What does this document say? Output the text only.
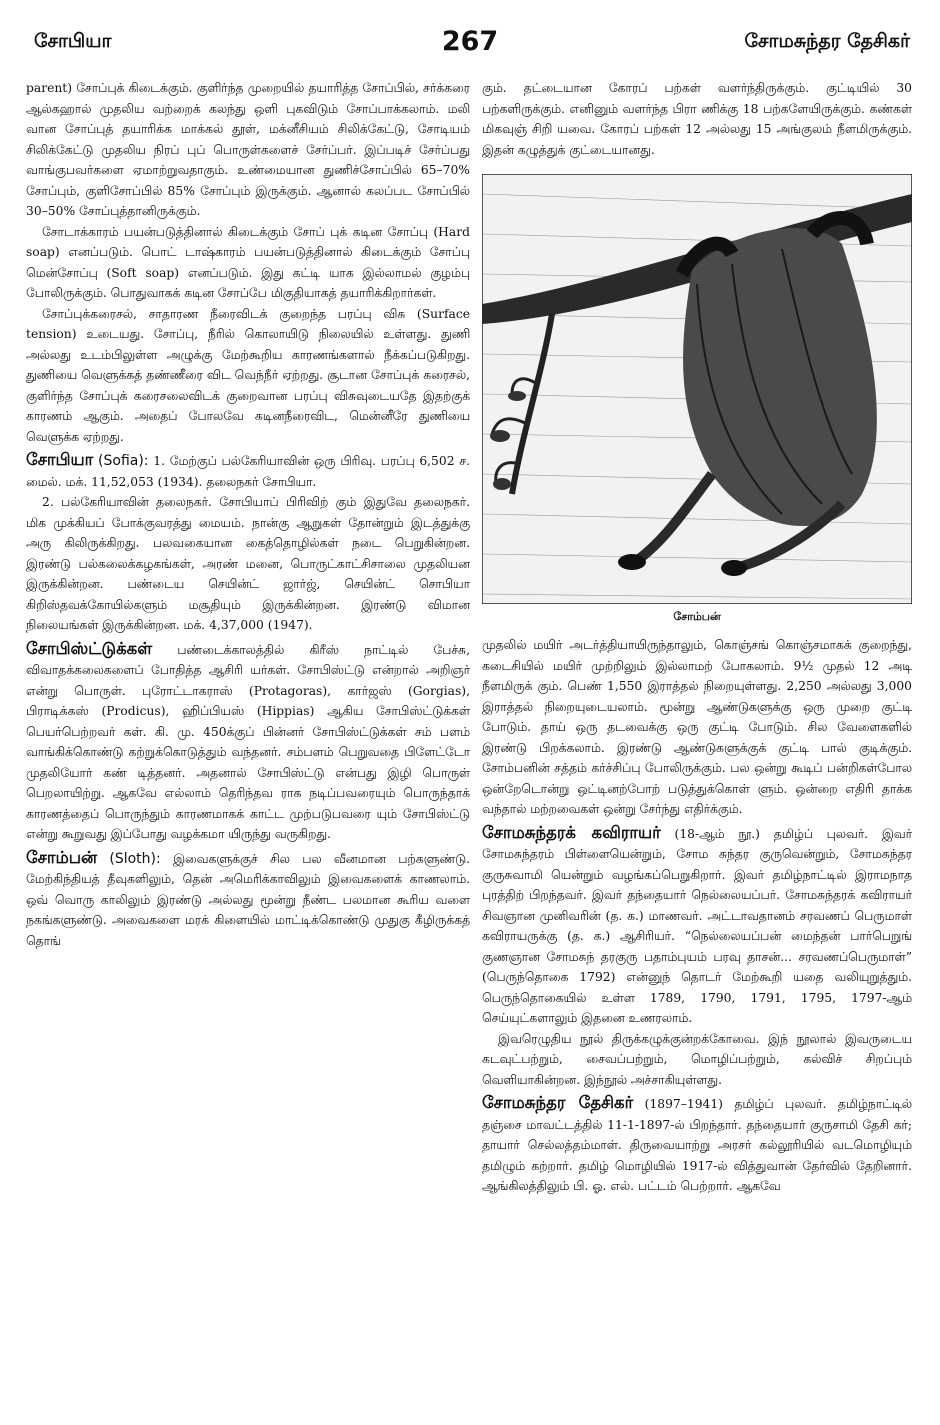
சோபியா	267	சோமசுந்தர தேசிகர்

parent) சோப்புக் கிடைக்கும். குளிர்ந்த முறையில் தயாரித்த சோப்பில், சர்க்கரை ஆல்கஹால் முதலிய வற்றைக் கலந்து ஒளி புகவிடும் சோப்பாக்கலாம். மலி வான சோப்புத் தயாரிக்க மாக்கல் தூள், மக்னீசியம் சிலிக்கேட்டு, சோடியம் சிலிக்கேட்டு முதலிய நிரப் புப் பொருள்களைச் சேர்ப்பர். இப்படிச் சேர்ப்பது வாங்குபவர்களை ஏமாற்றுவதாகும். உண்மையான துணிச்சோப்பில் 65–70% சோப்பும், குளிசோப்பில் 85% சோப்பும் இருக்கும். ஆனால் கலப்பட சோப்பில் 30–50% சோப்புத்தானிருக்கும்.

சோடாக்காரம் பயன்படுத்தினால் கிடைக்கும் சோப் புக் கடின சோப்பு (Hard soap) எனப்படும். பொட் டாஷ்காரம் பயன்படுத்தினால் கிடைக்கும் சோப்பு மென்சோப்பு (Soft soap) எனப்படும். இது கட்டி யாக இல்லாமல் குழம்பு போலிருக்கும். பொதுவாகக் கடின சோப்பே மிகுதியாகத் தயாரிக்கிறார்கள்.

சோப்புக்கரைசல், சாதாரண நீரைவிடக் குறைந்த பரப்பு விசு (Surface tension) உடையது. சோப்பு, நீரில் கொலாயிடு நிலையில் உள்ளது. துணி அல்லது உடம்பிலுள்ள அழுக்கு மேற்கூறிய காரணங்களால் நீக்கப்படுகிறது. துணியை வெளுக்கத் தண்ணீரை விட வெந்நீர் ஏற்றது. சூடான சோப்புக் கரைசல், குளிர்ந்த சோப்புக் கரைசலைவிடக் குறைவான பரப்பு விசுவுடையதே இதற்குக் காரணம் ஆகும். அதைப் போலவே கடினநீரைவிட, மென்னீரே துணியை வெளுக்க ஏற்றது.

சோபியா (Sofia): 1. மேற்குப் பல்கேரியாவின் ஒரு பிரிவு. பரப்பு 6,502 ச. மைல். மக். 11,52,053 (1934). தலைநகர் சோபியா.

2. பல்கேரியாவின் தலைநகர். சோபியாப் பிரிவிற் கும் இதுவே தலைநகர். மிக முக்கியப் போக்குவரத்து மையம். நான்கு ஆறுகள் தோன்றும் இடத்துக்கு அரு கிலிருக்கிறது. பலவகையான கைத்தொழில்கள் நடை பெறுகின்றன. இரண்டு பல்கலைக்கழகங்கள், அரண் மனை, பொருட்காட்சிசாலை முதலியன இருக்கின்றன. பண்டைய செயின்ட் ஜார்ஜ், செயின்ட் சொபியா கிறிஸ்தவக்கோயில்களும் மசூதியும் இருக்கின்றன. இரண்டு விமான நிலையங்கள் இருக்கின்றன. மக். 4,37,000 (1947).

சோபிஸ்ட்டுக்கள் பண்டைக்காலத்தில் கிரீஸ் நாட்டில் பேச்சு, விவாதக்கலைகளைப் போதித்த ஆசிரி யர்கள். சோபிஸ்ட்டு என்றால் அறிஞர் என்று பொருள். புரோட்டாகராஸ் (Protagoras), கார்ஜஸ் (Gorgias), பிராடிக்கஸ் (Prodicus), ஹிப்பியஸ் (Hippias) ஆகிய சோபிஸ்ட்டுக்கள் பெயர்பெற்றவர் கள். கி. மு. 450க்குப் பின்னர் சோபிஸ்ட்டுக்கள் சம் பளம் வாங்கிக்கொண்டு கற்றுக்கொடுத்தும் வந்தனர். சம்பளம் பெறுவதை பிளேட்டோ முதலியோர் கண் டித்தனர். அதனால் சோபிஸ்ட்டு என்பது இழி பொருள் பெறலாயிற்று. ஆகவே எல்லாம் தெரிந்தவ ராக நடிப்பவரையும் பொருந்தாக் காரணத்தைப் பொருந்தும் காரணமாகக் காட்ட முற்படுபவரை யும் சோபிஸ்ட்டு என்று கூறுவது இப்போது வழக்கமா யிருந்து வருகிறது.

சோம்பன் (Sloth): இவைகளுக்குச் சில பல வீனமான பற்களுண்டு. மேற்கிந்தியத் தீவுகளிலும், தென் அமெரிக்காவிலும் இவைகளைக் காணலாம். ஒவ் வொரு காலிலும் இரண்டு அல்லது மூன்று நீண்ட பலமான கூரிய வளை நகங்களுண்டு. அவைகளை மரக் கிளையில் மாட்டிக்கொண்டு முதுகு கீழிருக்கத் தொங்

கும். தட்டையான கோரப் பற்கள் வளர்ந்திருக்கும். குட்டியில் 30 பற்களிருக்கும். எனினும் வளர்ந்த பிரா ணிக்கு 18 பற்களேயிருக்கும். கண்கள் மிகவுஞ் சிறி யவை. கோரப் பற்கள் 12 அல்லது 15 அங்குலம் நீளமிருக்கும். இதன் கழுத்துக் குட்டையானது.

சோம்பன்

முதலில் மயிர் அடர்த்தியாயிருந்தாலும், கொஞ்சங் கொஞ்சமாகக் குறைந்து, கடைசியில் மயிர் முற்றிலும் இல்லாமற் போகலாம். 9½ முதல் 12 அடி நீளமிருக் கும். பெண் 1,550 இராத்தல் நிறையுள்ளது. 2,250 அல்லது 3,000 இராத்தல் நிறையுடையலாம். மூன்று ஆண்டுகளுக்கு ஒரு முறை குட்டி போடும். தாய் ஒரு தடவைக்கு ஒரு குட்டி போடும். சில வேளைகளில் இரண்டு பிறக்கலாம். இரண்டு ஆண்டுகளுக்குக் குட்டி பால் குடிக்கும். சோம்பனின் சத்தம் கர்ச்சிப்பு போலிருக்கும். பல ஒன்று கூடிப் பன்றிகள்போல ஒன்றேடொன்று ஒட்டினற்போற் படுத்துக்கொள் ளும். ஒன்றை எதிரி தாக்க வந்தால் மற்றவைகள் ஒன்று சேர்ந்து எதிர்க்கும்.

சோமசுந்தரக் கவிராயர் (18-ஆம் நூ.) தமிழ்ப் புலவர். இவர் சோமசுந்தரம் பிள்ளையென்றும், சோம சுந்தர குருவென்றும், சோமசுந்தர குருசுவாமி யென்றும் வழங்கப்பெறுகிறார். இவர் தமிழ்நாட்டில் இராமநாத புரத்திற் பிறந்தவர். இவர் தந்தையார் நெல்லையப்பர். சோமசுந்தரக் கவிராயர் சிவஞான முனிவரின் (த. க.) மாணவர். அட்டாவதானம் சரவணப் பெருமாள் கவிராயருக்கு (த. க.) ஆசிரியர். “நெல்லையப்பன் மைந்தன் பார்பெறுங் குணஞான சோமசுந் தரகுரு பதாம்புயம் பரவு தாசன்... சரவணப்பெருமாள்” (பெருந்தொகை 1792) என்னுந் தொடர் மேற்கூறி யதை வலியுறுத்தும். பெருந்தொகையில் உள்ள 1789, 1790, 1791, 1795, 1797-ஆம் செய்யுட்களாலும் இதனை உணரலாம்.

இவரெழுதிய நூல் திருக்கழுக்குன்றக்கோவை. இந் நூலால் இவருடைய கடவுட்பற்றும், சைவப்பற்றும், மொழிப்பற்றும், கல்விச் சிறப்பும் வெளியாகின்றன. இந்நூல் அச்சாகியுள்ளது.

சோமசுந்தர தேசிகர் (1897–1941) தமிழ்ப் புலவர். தமிழ்நாட்டில் தஞ்சை மாவட்டத்தில் 11-1-1897-ல் பிறந்தார். தந்தையார் குருசாமி தேசி கர்; தாயார் செல்லத்தம்மாள். திருவையாற்று அரசர் கல்லூரியில் வடமொழியும் தமிழும் கற்றார். தமிழ் மொழியில் 1917-ல் வித்துவான் தேர்வில் தேறினார். ஆங்கிலத்திலும் பி. ஓ. எல். பட்டம் பெற்றார். ஆகவே
